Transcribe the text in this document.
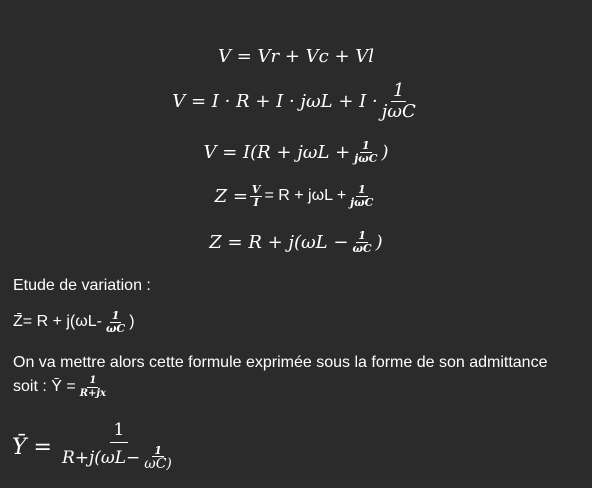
V = Vr + Vc + Vl
$V = I \cdot R + I \cdot j\omega L + I \cdot \frac{1}{\text{jωC}}$
$V = I(R + j\omega L + \frac{1}{\text{jωC}}$ )
$Z = \frac{V}{I} = R + j\omega L + \frac{1}{\text{jωC}}$
$Z = R + j(\omega L - \frac{1}{\omega C}$ )
Etude de variation :
Z̄= $R + j(\omega L- \frac{1}{\omega C}$ )
On va mettre alors cette formule exprimée sous la forme de son admittance
soit : Ȳ = $\frac{1}{R+jx}$
Ȳ = $\frac{1}{R+j(\omega L- \frac{1}{\omega C)}}$
